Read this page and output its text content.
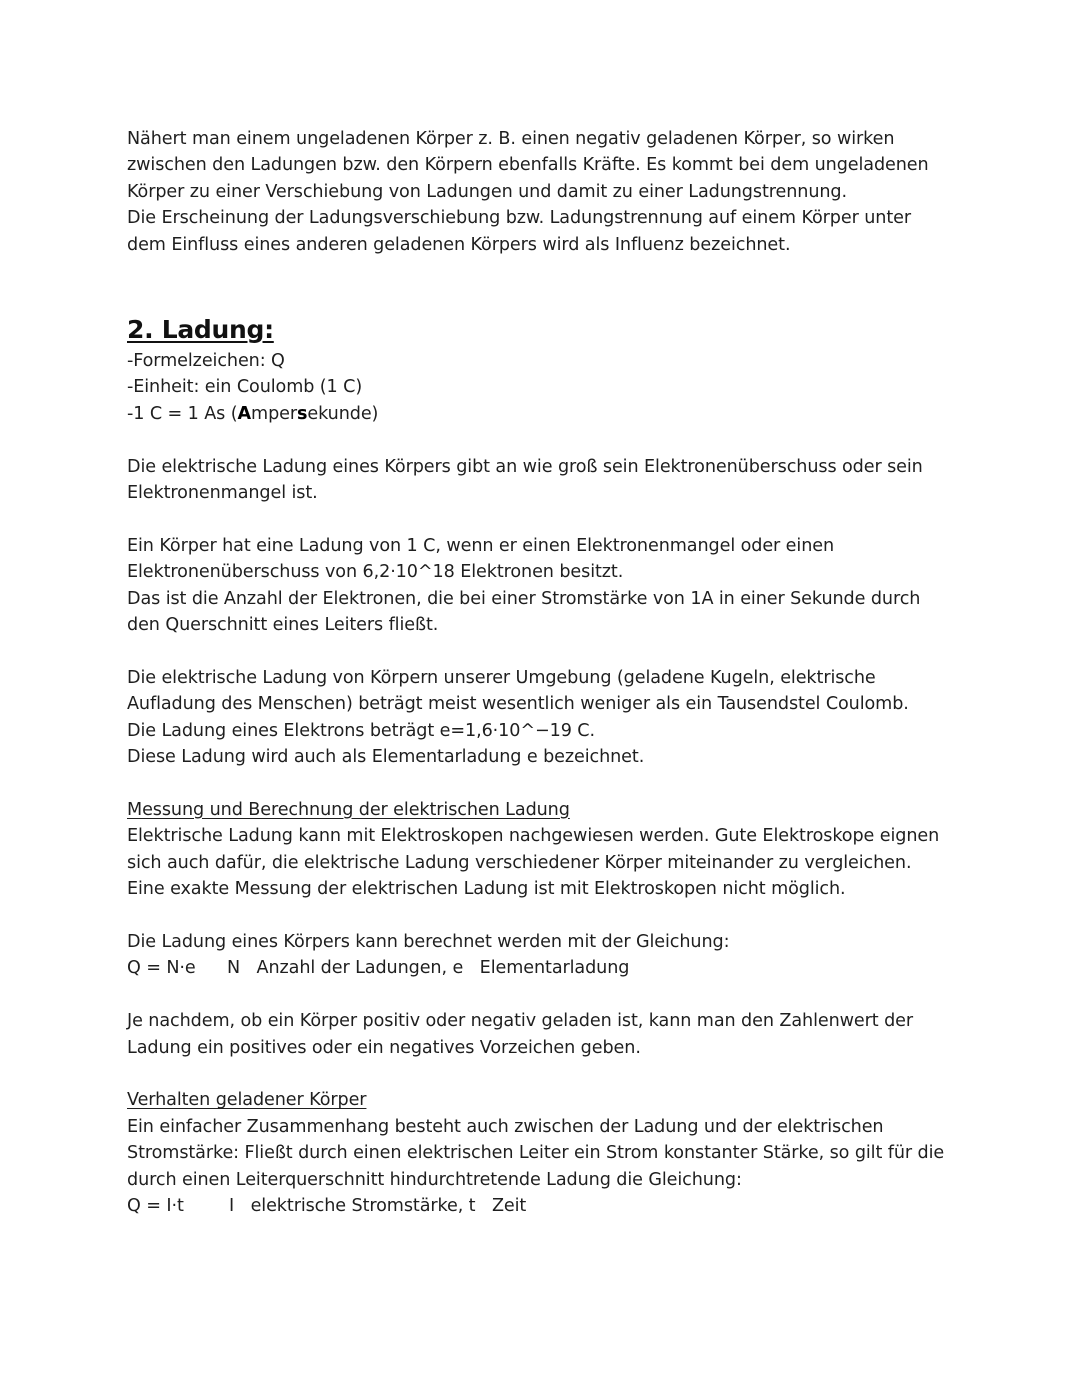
Nähert man einem ungeladenen Körper z. B. einen negativ geladenen Körper, so wirken

zwischen den Ladungen bzw. den Körpern ebenfalls Kräfte. Es kommt bei dem ungeladenen

Körper zu einer Verschiebung von Ladungen und damit zu einer Ladungstrennung.

Die Erscheinung der Ladungsverschiebung bzw. Ladungstrennung auf einem Körper unter

dem Einfluss eines anderen geladenen Körpers wird als Influenz bezeichnet.

2. Ladung:

-Formelzeichen: Q

-Einheit: ein Coulomb (1 C)

-1 C = 1 As (Ampersekunde)

Die elektrische Ladung eines Körpers gibt an wie groß sein Elektronenüberschuss oder sein

Elektronenmangel ist.

Ein Körper hat eine Ladung von 1 C, wenn er einen Elektronenmangel oder einen

Elektronenüberschuss von 6,2·10^18 Elektronen besitzt.

Das ist die Anzahl der Elektronen, die bei einer Stromstärke von 1A in einer Sekunde durch

den Querschnitt eines Leiters fließt.

Die elektrische Ladung von Körpern unserer Umgebung (geladene Kugeln, elektrische

Aufladung des Menschen) beträgt meist wesentlich weniger als ein Tausendstel Coulomb.

Die Ladung eines Elektrons beträgt e=1,6·10^−19 C.

Diese Ladung wird auch als Elementarladung e bezeichnet.

Messung und Berechnung der elektrischen Ladung

Elektrische Ladung kann mit Elektroskopen nachgewiesen werden. Gute Elektroskope eignen

sich auch dafür, die elektrische Ladung verschiedener Körper miteinander zu vergleichen.

Eine exakte Messung der elektrischen Ladung ist mit Elektroskopen nicht möglich.

Die Ladung eines Körpers kann berechnet werden mit der Gleichung:

Q = N·e N   Anzahl der Ladungen, e   Elementarladung

Je nachdem, ob ein Körper positiv oder negativ geladen ist, kann man den Zahlenwert der

Ladung ein positives oder ein negatives Vorzeichen geben.

Verhalten geladener Körper

Ein einfacher Zusammenhang besteht auch zwischen der Ladung und der elektrischen

Stromstärke: Fließt durch einen elektrischen Leiter ein Strom konstanter Stärke, so gilt für die

durch einen Leiterquerschnitt hindurchtretende Ladung die Gleichung:

Q = I·t	I   elektrische Stromstärke, t   Zeit
